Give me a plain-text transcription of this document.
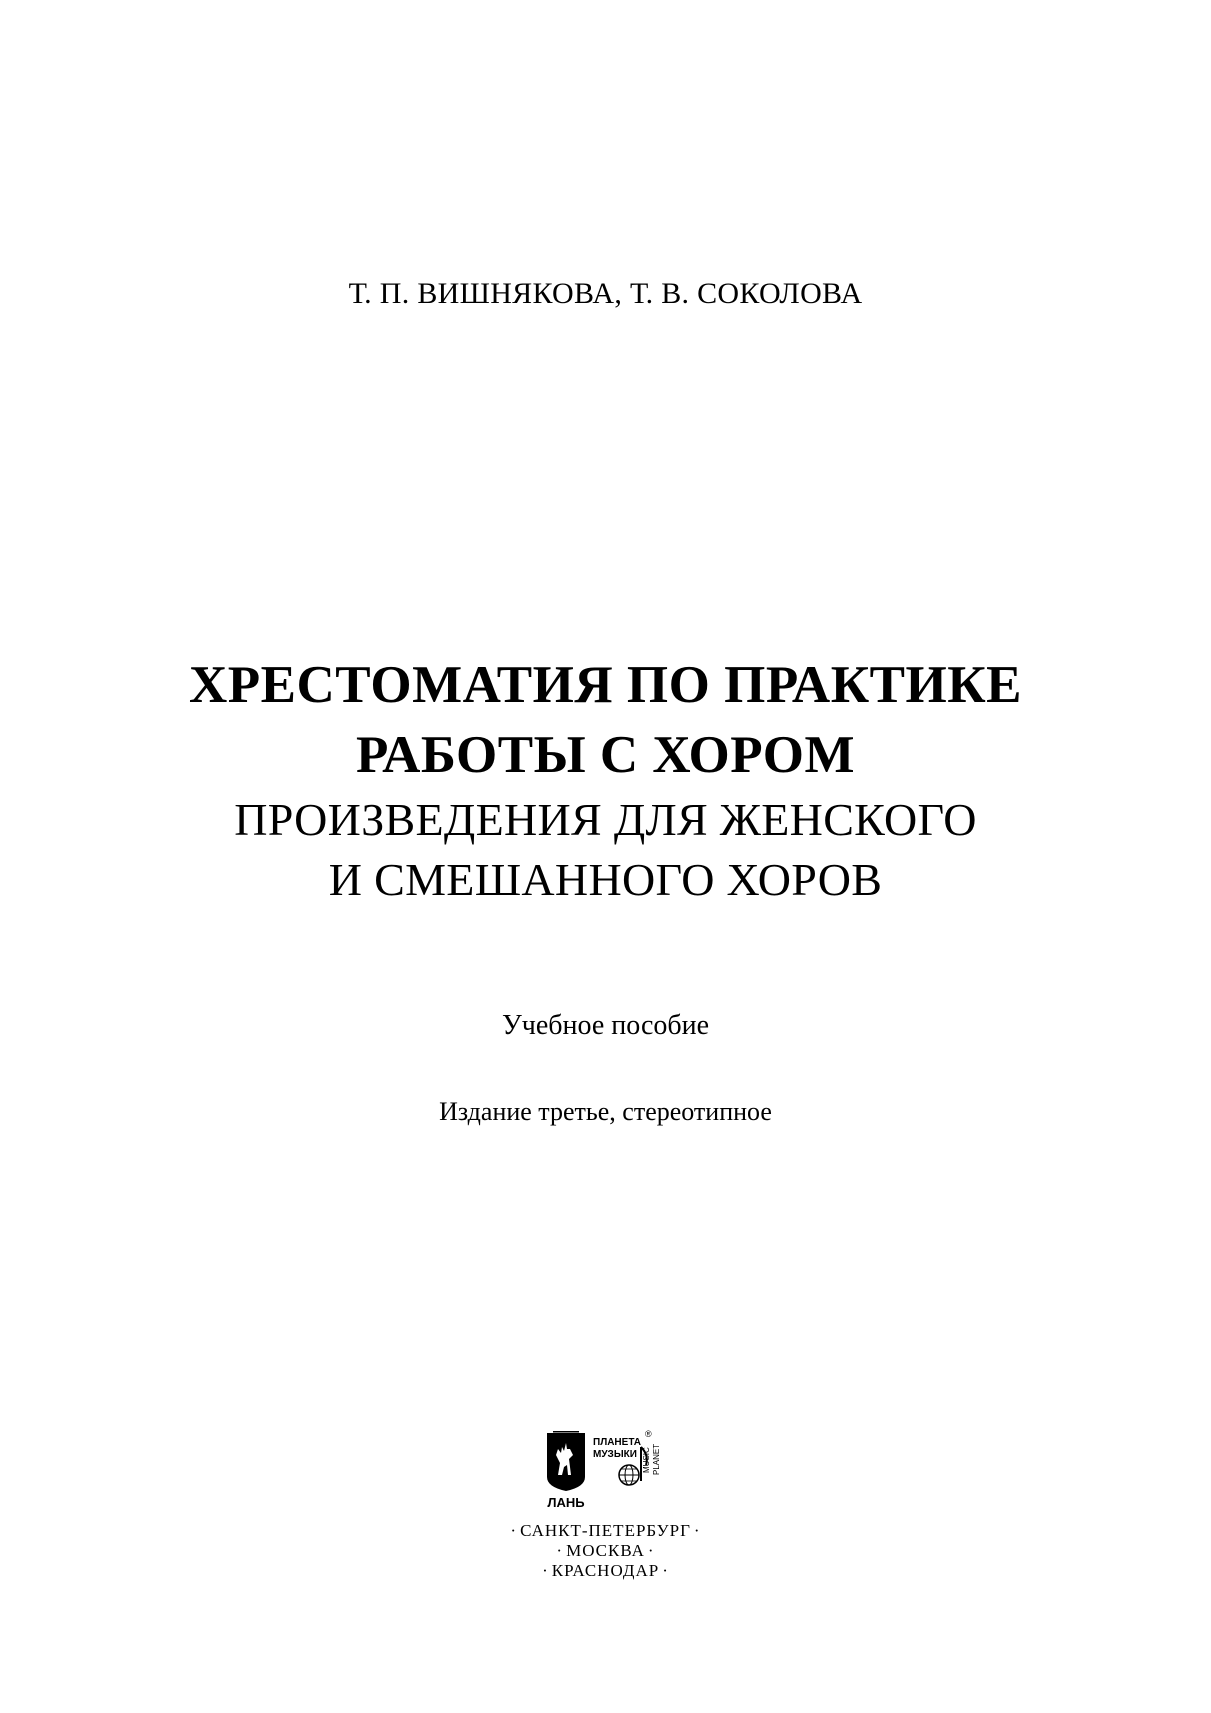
Т. П. ВИШНЯКОВА, Т. В. СОКОЛОВА
ХРЕСТОМАТИЯ ПО ПРАКТИКЕ
РАБОТЫ С ХОРОМ
ПРОИЗВЕДЕНИЯ ДЛЯ ЖЕНСКОГО
И СМЕШАННОГО ХОРОВ
Учебное пособие
Издание третье, стереотипное
ЛАНЬ
ПЛАНЕТА
МУЗЫКИ
®
MUSIC PLANET
· САНКТ-ПЕТЕРБУРГ ·
· МОСКВА ·
· КРАСНОДАР ·
